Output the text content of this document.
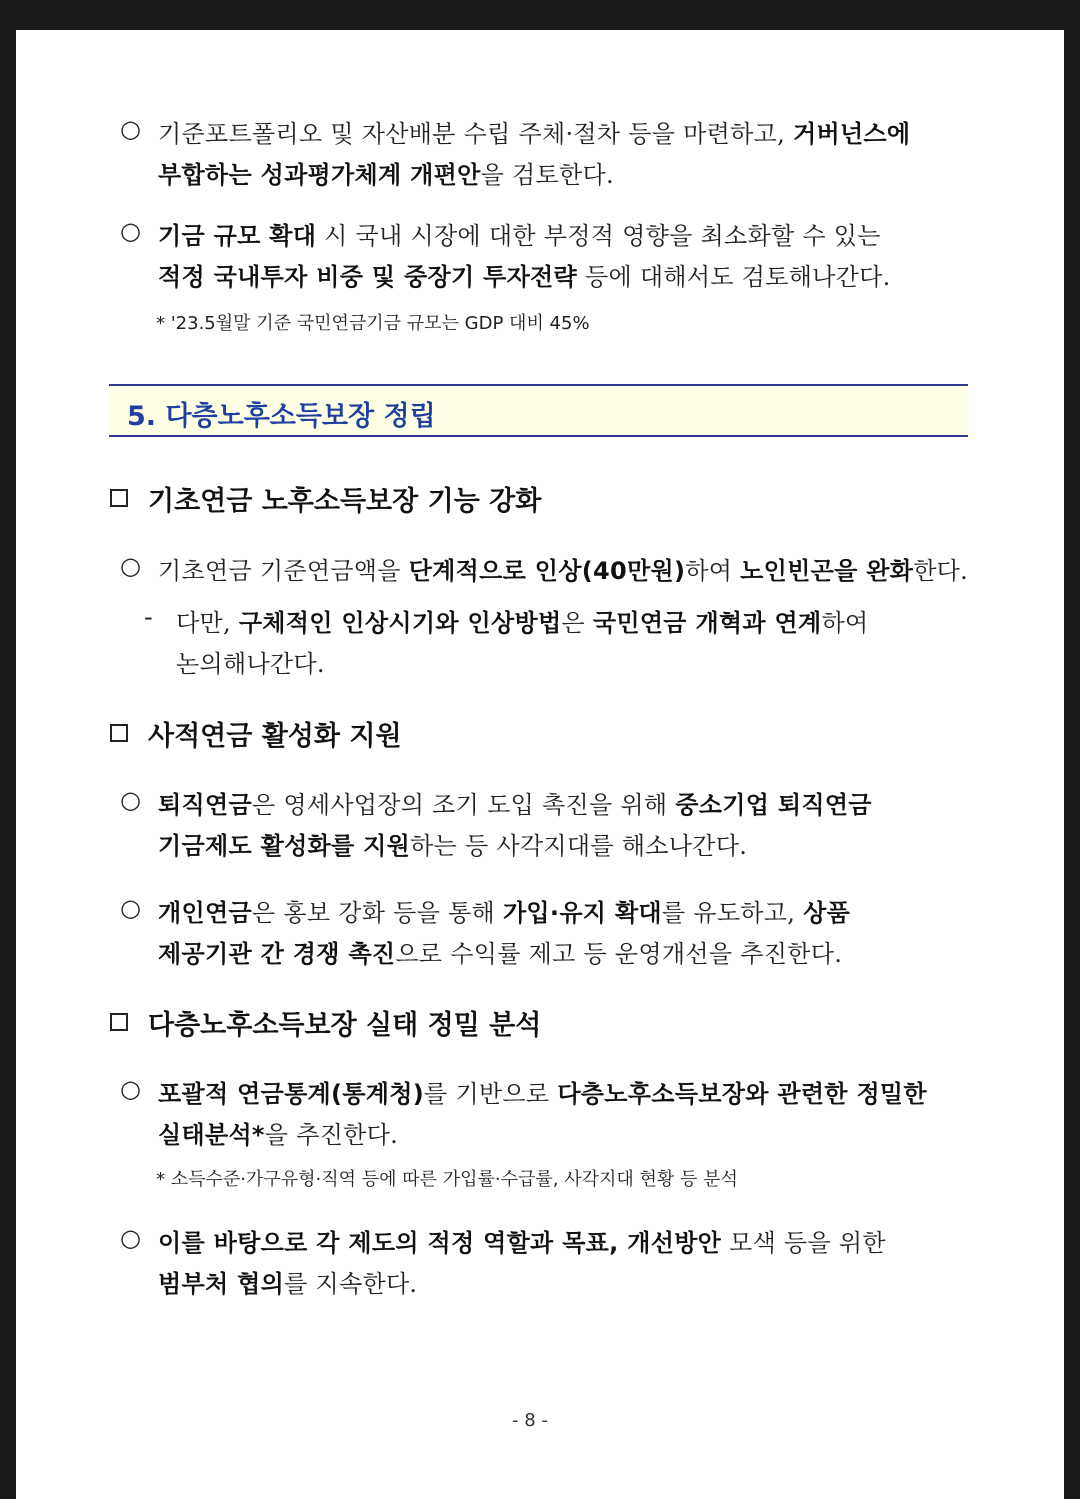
○ 기준포트폴리오 및 자산배분 수립 주체·절차 등을 마련하고, 거버넌스에
부합하는 성과평가체계 개편안을 검토한다.
○ 기금 규모 확대 시 국내 시장에 대한 부정적 영향을 최소화할 수 있는
적정 국내투자 비중 및 중장기 투자전략 등에 대해서도 검토해나간다.
* '23.5월말 기준 국민연금기금 규모는 GDP 대비 45%
5. 다층노후소득보장 정립
기초연금 노후소득보장 기능 강화
○ 기초연금 기준연금액을 단계적으로 인상(40만원)하여 노인빈곤을 완화한다.
- 다만, 구체적인 인상시기와 인상방법은 국민연금 개혁과 연계하여
논의해나간다.
사적연금 활성화 지원
○ 퇴직연금은 영세사업장의 조기 도입 촉진을 위해 중소기업 퇴직연금
기금제도 활성화를 지원하는 등 사각지대를 해소나간다.
○ 개인연금은 홍보 강화 등을 통해 가입·유지 확대를 유도하고, 상품
제공기관 간 경쟁 촉진으로 수익률 제고 등 운영개선을 추진한다.
다층노후소득보장 실태 정밀 분석
○ 포괄적 연금통계(통계청)를 기반으로 다층노후소득보장와 관련한 정밀한
실태분석*을 추진한다.
* 소득수준·가구유형·직역 등에 따른 가입률·수급률, 사각지대 현황 등 분석
○ 이를 바탕으로 각 제도의 적정 역할과 목표, 개선방안 모색 등을 위한
범부처 협의를 지속한다.
- 8 -
